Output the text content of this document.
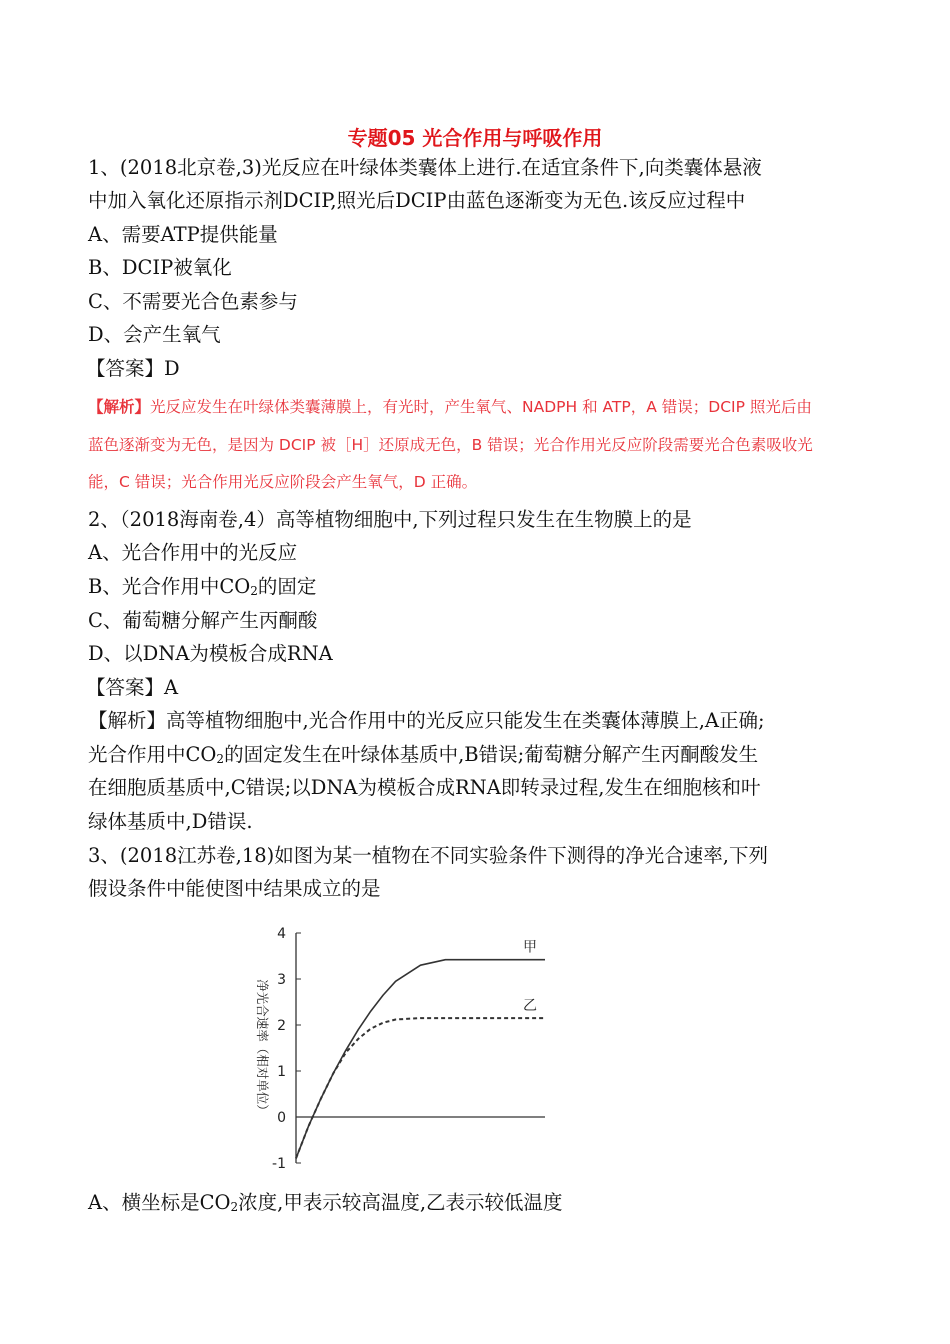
专题05 光合作用与呼吸作用
1、(2018北京卷,3)光反应在叶绿体类囊体上进行.在适宜条件下,向类囊体悬液
中加入氧化还原指示剂DCIP,照光后DCIP由蓝色逐渐变为无色.该反应过程中
A、需要ATP提供能量
B、DCIP被氧化
C、不需要光合色素参与
D、会产生氧气
【答案】D
【解析】光反应发生在叶绿体类囊薄膜上，有光时，产生氧气、NADPH 和 ATP，A 错误；DCIP 照光后由
蓝色逐渐变为无色，是因为 DCIP 被［H］还原成无色，B 错误；光合作用光反应阶段需要光合色素吸收光
能，C 错误；光合作用光反应阶段会产生氧气，D 正确。
2、（2018海南卷,4）高等植物细胞中,下列过程只发生在生物膜上的是
A、光合作用中的光反应
B、光合作用中$CO_2$的固定
C、葡萄糖分解产生丙酮酸
D、以DNA为模板合成RNA
【答案】A
【解析】高等植物细胞中,光合作用中的光反应只能发生在类囊体薄膜上,A正确;
光合作用中$CO_2$的固定发生在叶绿体基质中,B错误;葡萄糖分解产生丙酮酸发生
在细胞质基质中,C错误;以DNA为模板合成RNA即转录过程,发生在细胞核和叶
绿体基质中,D错误.
3、(2018江苏卷,18)如图为某一植物在不同实验条件下测得的净光合速率,下列
假设条件中能使图中结果成立的是
净光合速率（相对单位）
-1
0
1
2
3
4
甲
乙
A、横坐标是$CO_2$浓度,甲表示较高温度,乙表示较低温度
